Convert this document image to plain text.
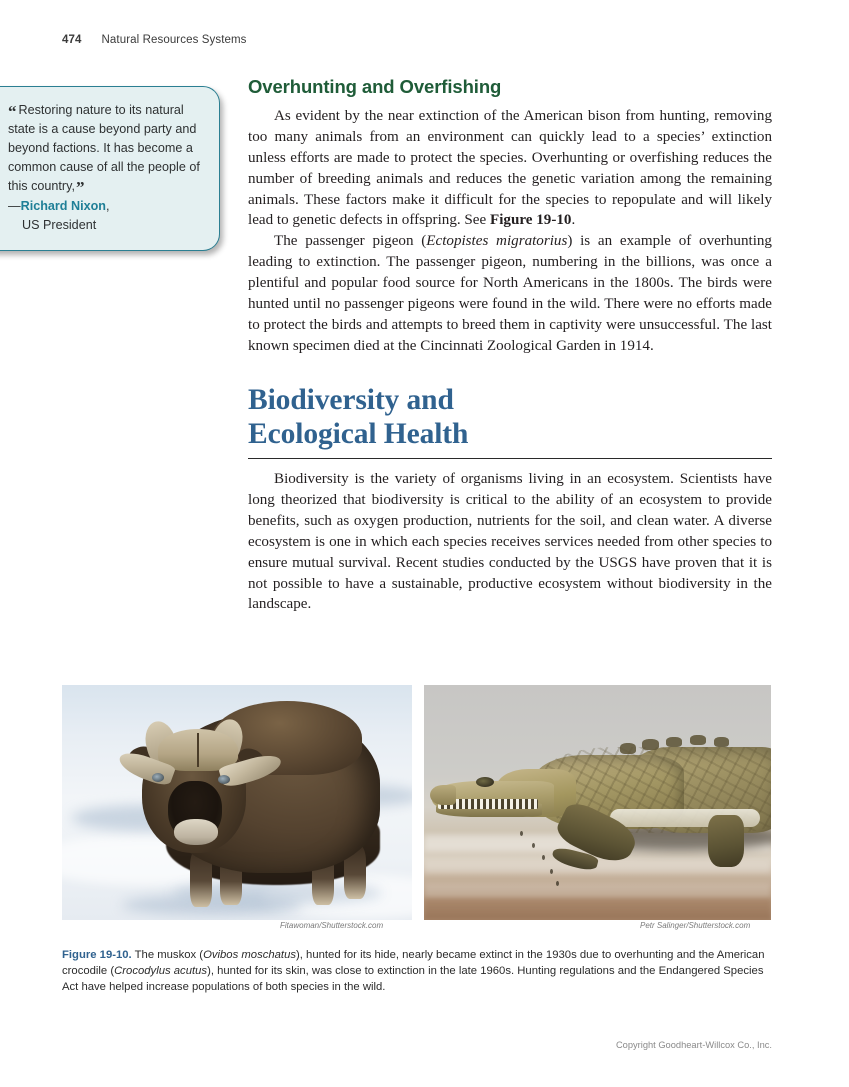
474 Natural Resources Systems
“ Restoring nature to its natural state is a cause beyond party and beyond factions. It has become a common cause of all the people of this country,”
—Richard Nixon,
US President
Overhunting and Overfishing

As evident by the near extinction of the American bison from hunting, removing too many animals from an environment can quickly lead to a species’ extinction unless efforts are made to protect the species. Overhunting or overfishing reduces the number of breeding animals and reduces the genetic variation among the remaining animals. These factors make it difficult for the species to repopulate and will likely lead to genetic defects in offspring. See Figure 19-10.

The passenger pigeon (Ectopistes migratorius) is an example of overhunting leading to extinction. The passenger pigeon, numbering in the billions, was once a plentiful and popular food source for North Americans in the 1800s. The birds were hunted until no passenger pigeons were found in the wild. There were no efforts made to protect the birds and attempts to breed them in captivity were unsuccessful. The last known specimen died at the Cincinnati Zoological Garden in 1914.

Biodiversity and
Ecological Health

Biodiversity is the variety of organisms living in an ecosystem. Scientists have long theorized that biodiversity is critical to the ability of an ecosystem to provide benefits, such as oxygen production, nutrients for the soil, and clean water. A diverse ecosystem is one in which each species receives services needed from other species to ensure mutual survival. Recent studies conducted by the USGS have proven that it is not possible to have a sustainable, productive ecosystem without biodiversity in the landscape.

Fitawoman/Shutterstock.com	Petr Salinger/Shutterstock.com
Figure 19-10. The muskox (Ovibos moschatus), hunted for its hide, nearly became extinct in the 1930s due to overhunting and the American crocodile (Crocodylus acutus), hunted for its skin, was close to extinction in the late 1960s. Hunting regulations and the Endangered Species Act have helped increase populations of both species in the wild.
Copyright Goodheart-Willcox Co., Inc.
